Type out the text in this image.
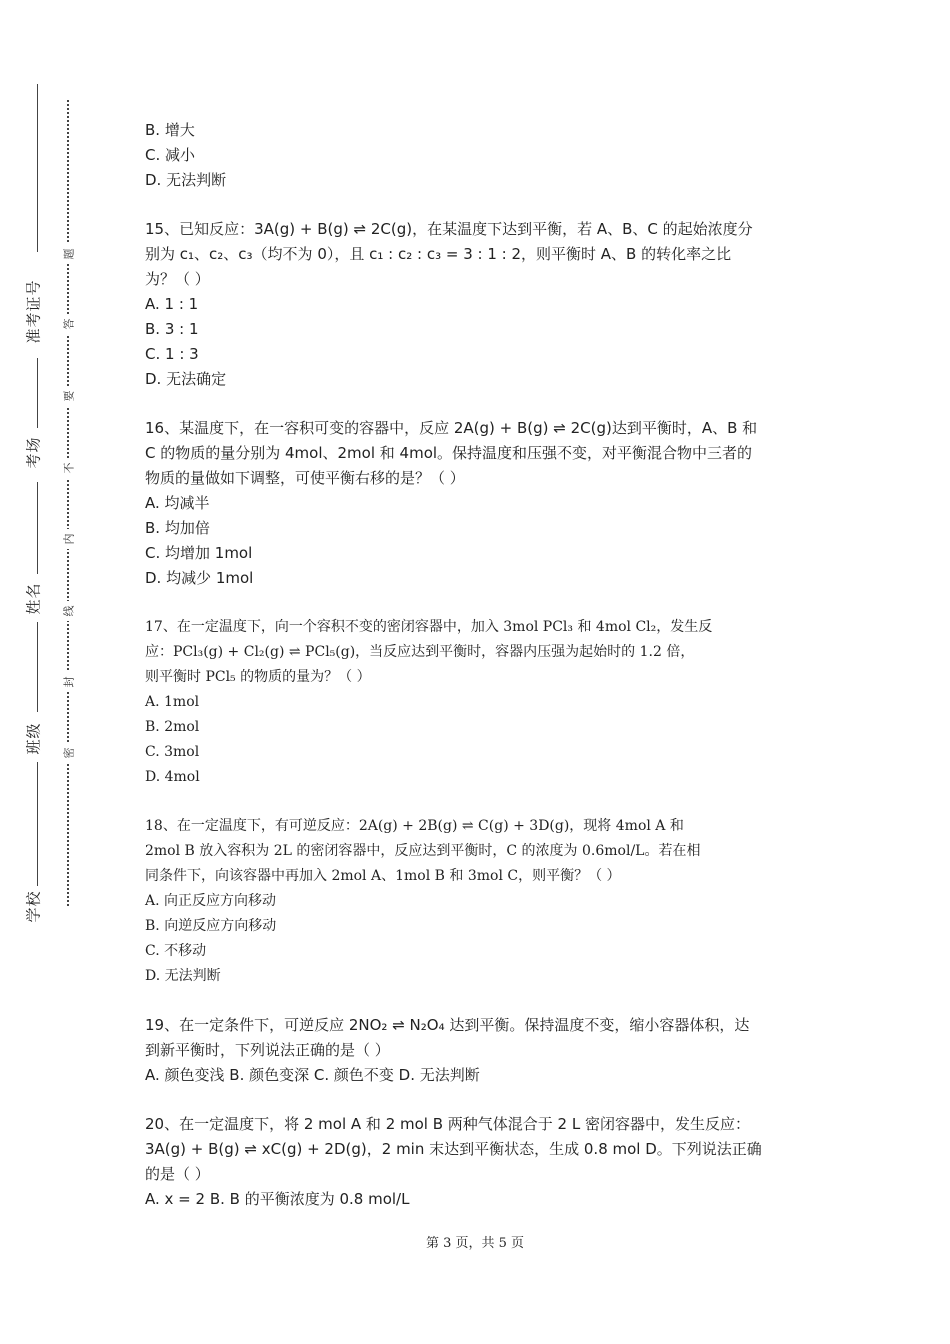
准考证号
考场
姓名
班级
学校
题
答
要
不
内
线
封
密
B. 增大
C. 减小
D. 无法判断
15、已知反应：3A(g) + B(g) ⇌ 2C(g)，在某温度下达到平衡，若 A、B、C 的起始浓度分
别为 c₁、c₂、c₃（均不为 0），且 c₁ : c₂ : c₃ = 3 : 1 : 2，则平衡时 A、B 的转化率之比
为？（ ）
A. 1 : 1
B. 3 : 1
C. 1 : 3
D. 无法确定
16、某温度下，在一容积可变的容器中，反应 2A(g) + B(g) ⇌ 2C(g)达到平衡时，A、B 和
C 的物质的量分别为 4mol、2mol 和 4mol。保持温度和压强不变，对平衡混合物中三者的
物质的量做如下调整，可使平衡右移的是？（ ）
A. 均减半
B. 均加倍
C. 均增加 1mol
D. 均减少 1mol
17、在一定温度下，向一个容积不变的密闭容器中，加入 3mol PCl₃ 和 4mol Cl₂，发生反
应：PCl₃(g) + Cl₂(g) ⇌ PCl₅(g)，当反应达到平衡时，容器内压强为起始时的 1.2 倍，
则平衡时 PCl₅ 的物质的量为？（ ）
A. 1mol
B. 2mol
C. 3mol
D. 4mol
18、在一定温度下，有可逆反应：2A(g) + 2B(g) ⇌ C(g) + 3D(g)，现将 4mol A 和
2mol B 放入容积为 2L 的密闭容器中，反应达到平衡时，C 的浓度为 0.6mol/L。若在相
同条件下，向该容器中再加入 2mol A、1mol B 和 3mol C，则平衡？（ ）
A. 向正反应方向移动
B. 向逆反应方向移动
C. 不移动
D. 无法判断
19、在一定条件下，可逆反应 2NO₂ ⇌ N₂O₄ 达到平衡。保持温度不变，缩小容器体积，达
到新平衡时，下列说法正确的是（ ）
A. 颜色变浅 B. 颜色变深 C. 颜色不变 D. 无法判断
20、在一定温度下，将 2 mol A 和 2 mol B 两种气体混合于 2 L 密闭容器中，发生反应：
3A(g) + B(g) ⇌ xC(g) + 2D(g)，2 min 末达到平衡状态，生成 0.8 mol D。下列说法正确
的是（ ）
A. x = 2 B. B 的平衡浓度为 0.8 mol/L
第 3 页，共 5 页
